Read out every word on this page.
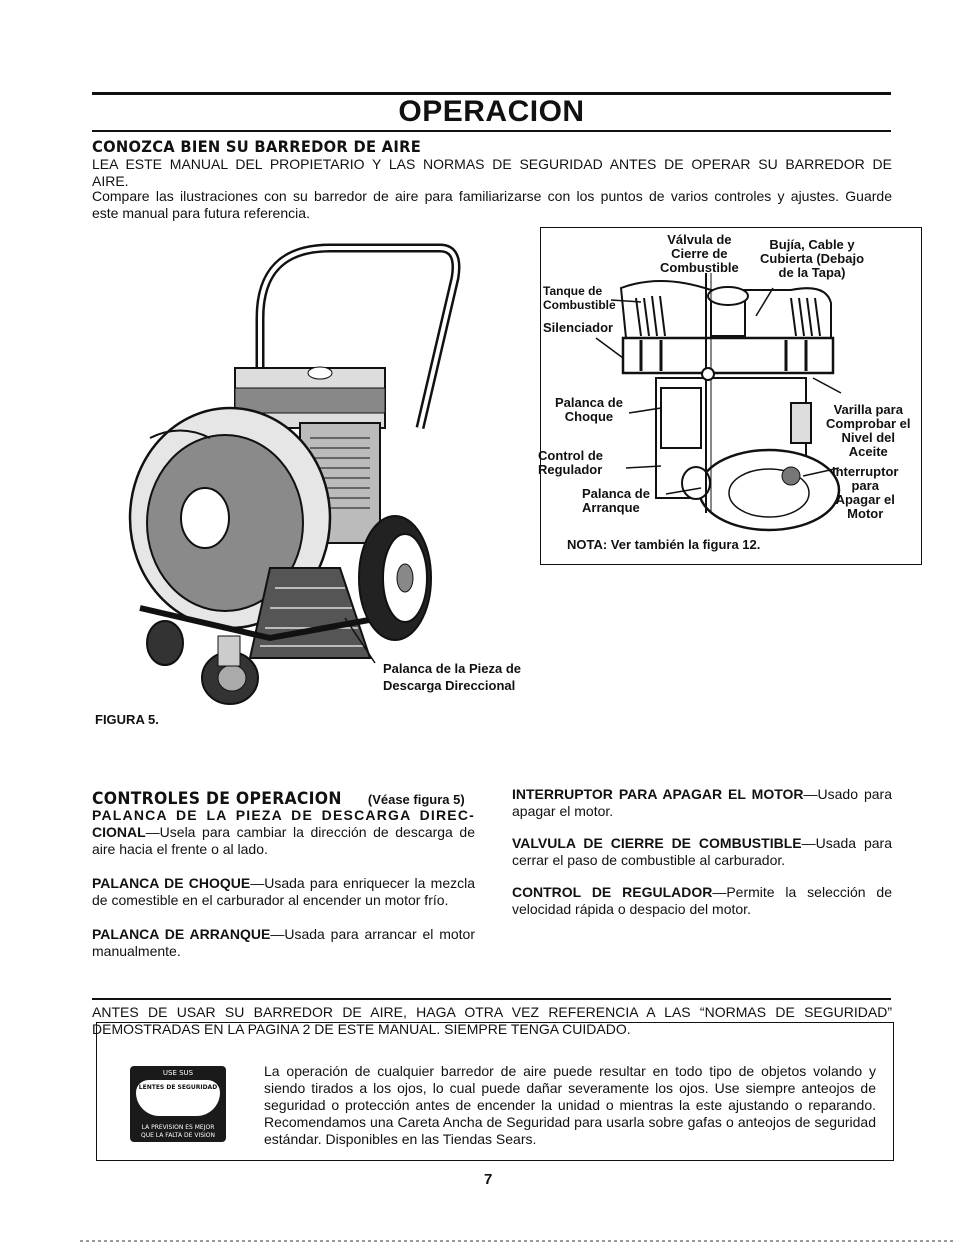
OPERACION
CONOZCA BIEN SU BARREDOR DE AIRE
LEA ESTE MANUAL DEL PROPIETARIO Y LAS NORMAS DE SEGURIDAD ANTES DE OPERAR SU BARREDOR DE
AIRE.
Compare las ilustraciones con su barredor de aire para familiarizarse con los puntos de varios controles y ajustes. Guarde
este manual para futura referencia.
Palanca de la Pieza de
Descarga Direccional
FIGURA 5.
Válvula de
Cierre de
Combustible
Bujía, Cable y
Cubierta (Debajo
de la Tapa)
Tanque de
Combustible
Silenciador
Palanca de
Choque
Control de
Regulador
Palanca de
Arranque
Varilla para
Comprobar el
Nivel del
Aceite
Interruptor
para
Apagar el
Motor
NOTA: Ver también la figura 12.
CONTROLES DE OPERACION (Véase figura 5)
PALANCA DE LA PIEZA DE DESCARGA DIREC- CIONAL—Usela para cambiar la dirección de descarga de aire hacia el frente o al lado.
PALANCA DE CHOQUE—Usada para enriquecer la mezcla de comestible en el carburador al encender un motor frío.
PALANCA DE ARRANQUE—Usada para arrancar el motor manualmente.
INTERRUPTOR PARA APAGAR EL MOTOR—Usado para apagar el motor.
VALVULA DE CIERRE DE COMBUSTIBLE—Usada para cerrar el paso de combustible al carburador.
CONTROL DE REGULADOR—Permite la selección de velocidad rápida o despacio del motor.
ANTES DE USAR SU BARREDOR DE AIRE, HAGA OTRA VEZ REFERENCIA A LAS “NORMAS DE SEGURIDAD”
DEMOSTRADAS EN LA PAGINA 2 DE ESTE MANUAL. SIEMPRE TENGA CUIDADO.
USE SUS
LENTES DE SEGURIDAD
LA PREVISION ES MEJOR
QUE LA FALTA DE VISION
La operación de cualquier barredor de aire puede resultar en todo tipo de objetos volando y siendo tirados a los ojos, lo cual puede dañar severamente los ojos. Use siempre anteojos de seguridad o protección antes de encender la unidad o mientras la este ajustando o reparando. Recomendamos una Careta Ancha de Seguridad para usarla sobre gafas o anteojos de seguridad estándar. Disponibles en las Tiendas Sears.
7
